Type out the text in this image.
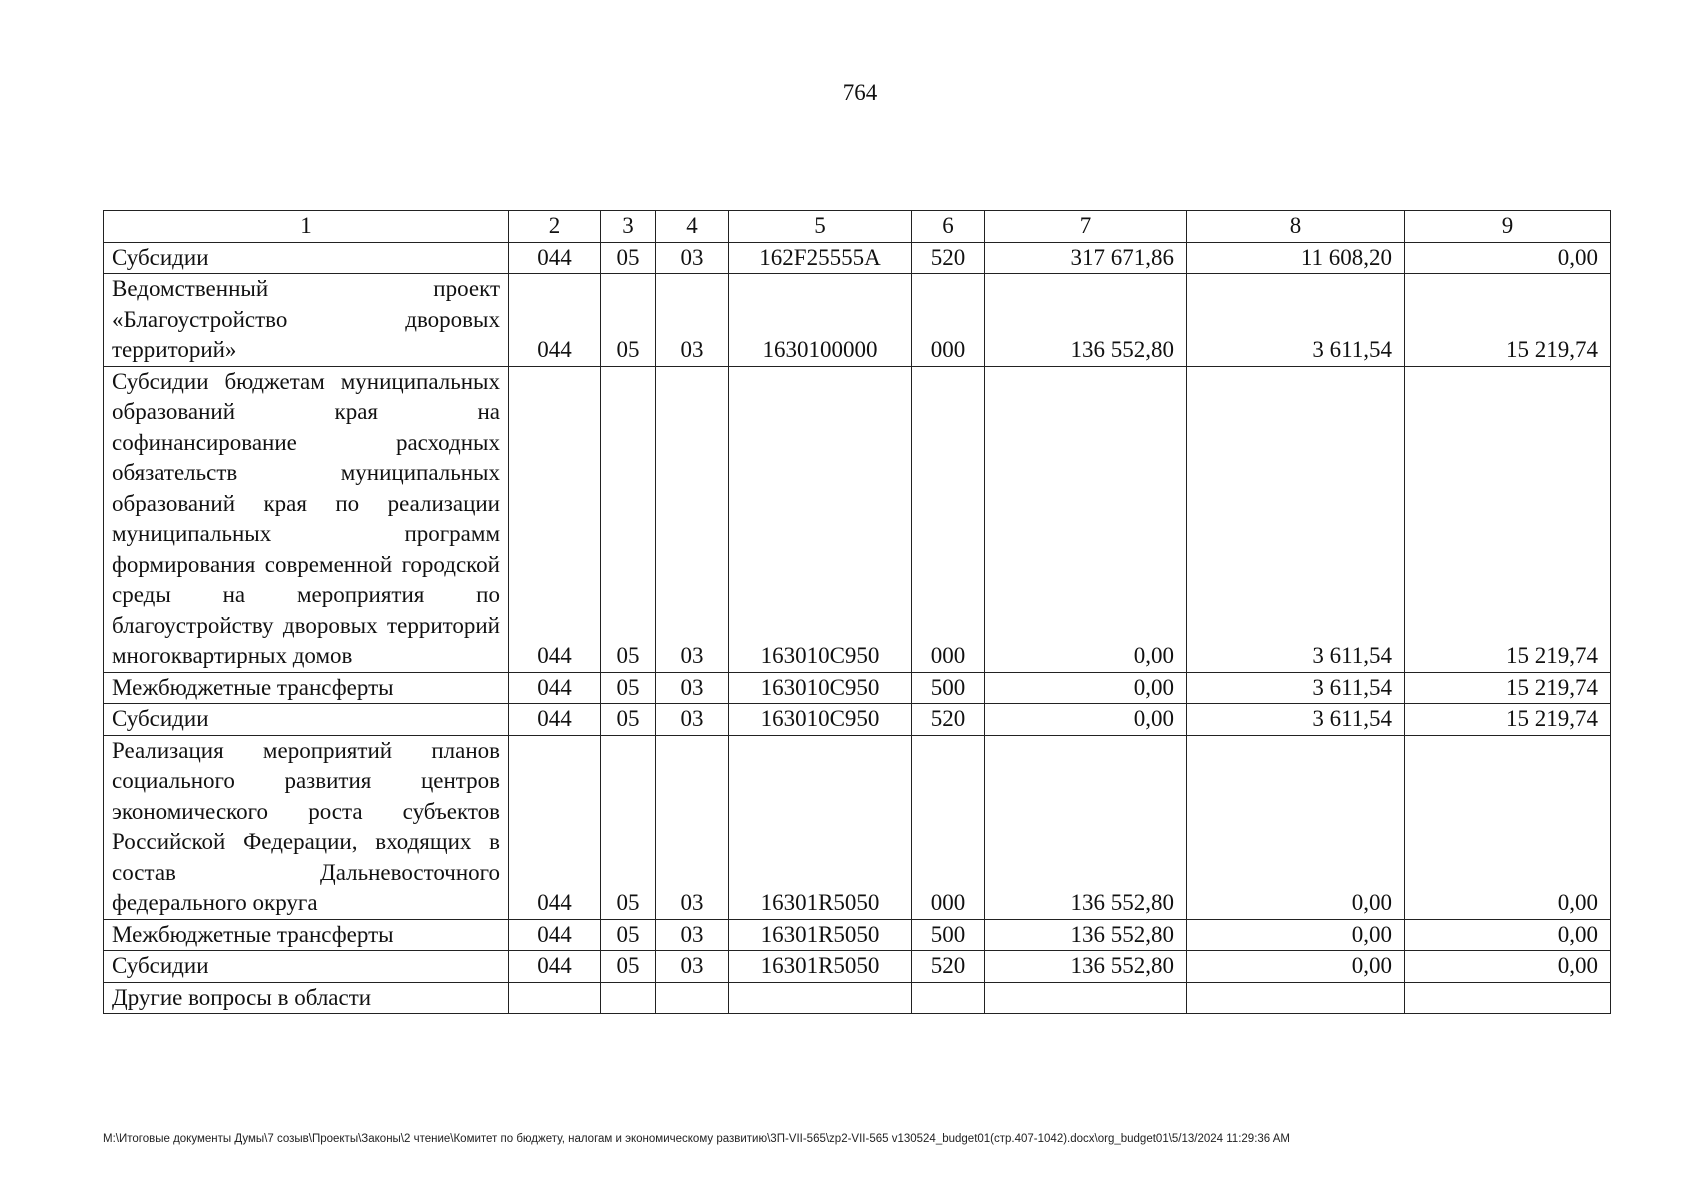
764
1	2	3	4	5	6	7	8	9
Субсидии	044	05	03	162F25555A	520	317 671,86	11 608,20	0,00
Ведомственный проект «Благоустройство дворовых территорий»	044	05	03	1630100000	000	136 552,80	3 611,54	15 219,74
Субсидии бюджетам муниципальных образований края на софинансирование расходных обязательств муниципальных образований края по реализации муниципальных программ формирования современной городской среды на мероприятия по благоустройству дворовых территорий многоквартирных домов	044	05	03	163010C950	000	0,00	3 611,54	15 219,74
Межбюджетные трансферты	044	05	03	163010C950	500	0,00	3 611,54	15 219,74
Субсидии	044	05	03	163010C950	520	0,00	3 611,54	15 219,74
Реализация мероприятий планов социального развития центров экономического роста субъектов Российской Федерации, входящих в состав Дальневосточного федерального округа	044	05	03	16301R5050	000	136 552,80	0,00	0,00
Межбюджетные трансферты	044	05	03	16301R5050	500	136 552,80	0,00	0,00
Субсидии	044	05	03	16301R5050	520	136 552,80	0,00	0,00
Другие вопросы в области								
M:\Итоговые документы Думы\7 созыв\Проекты\Законы\2 чтение\Комитет по бюджету, налогам и экономическому развитию\3П-VII-565\zp2-VII-565 v130524_budget01(стр.407-1042).docx\org_budget01\5/13/2024 11:29:36 AM
